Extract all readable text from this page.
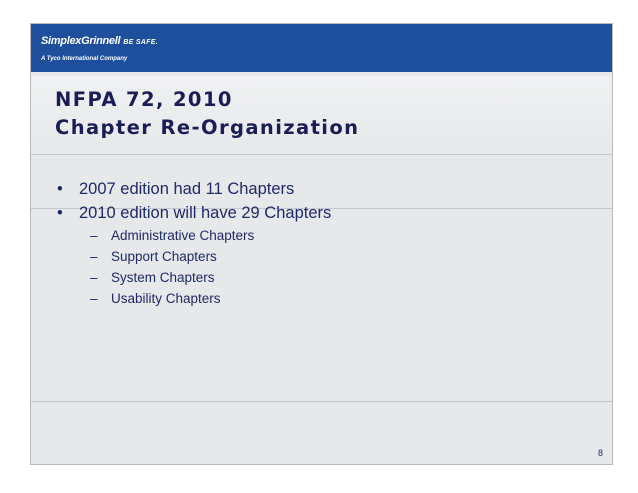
SimplexGrinnell BE SAFE.
A Tyco International Company
NFPA 72, 2010
Chapter Re-Organization
• 2007 edition had 11 Chapters
• 2010 edition will have 29 Chapters
– Administrative Chapters
– Support Chapters
– System Chapters
– Usability Chapters
8
